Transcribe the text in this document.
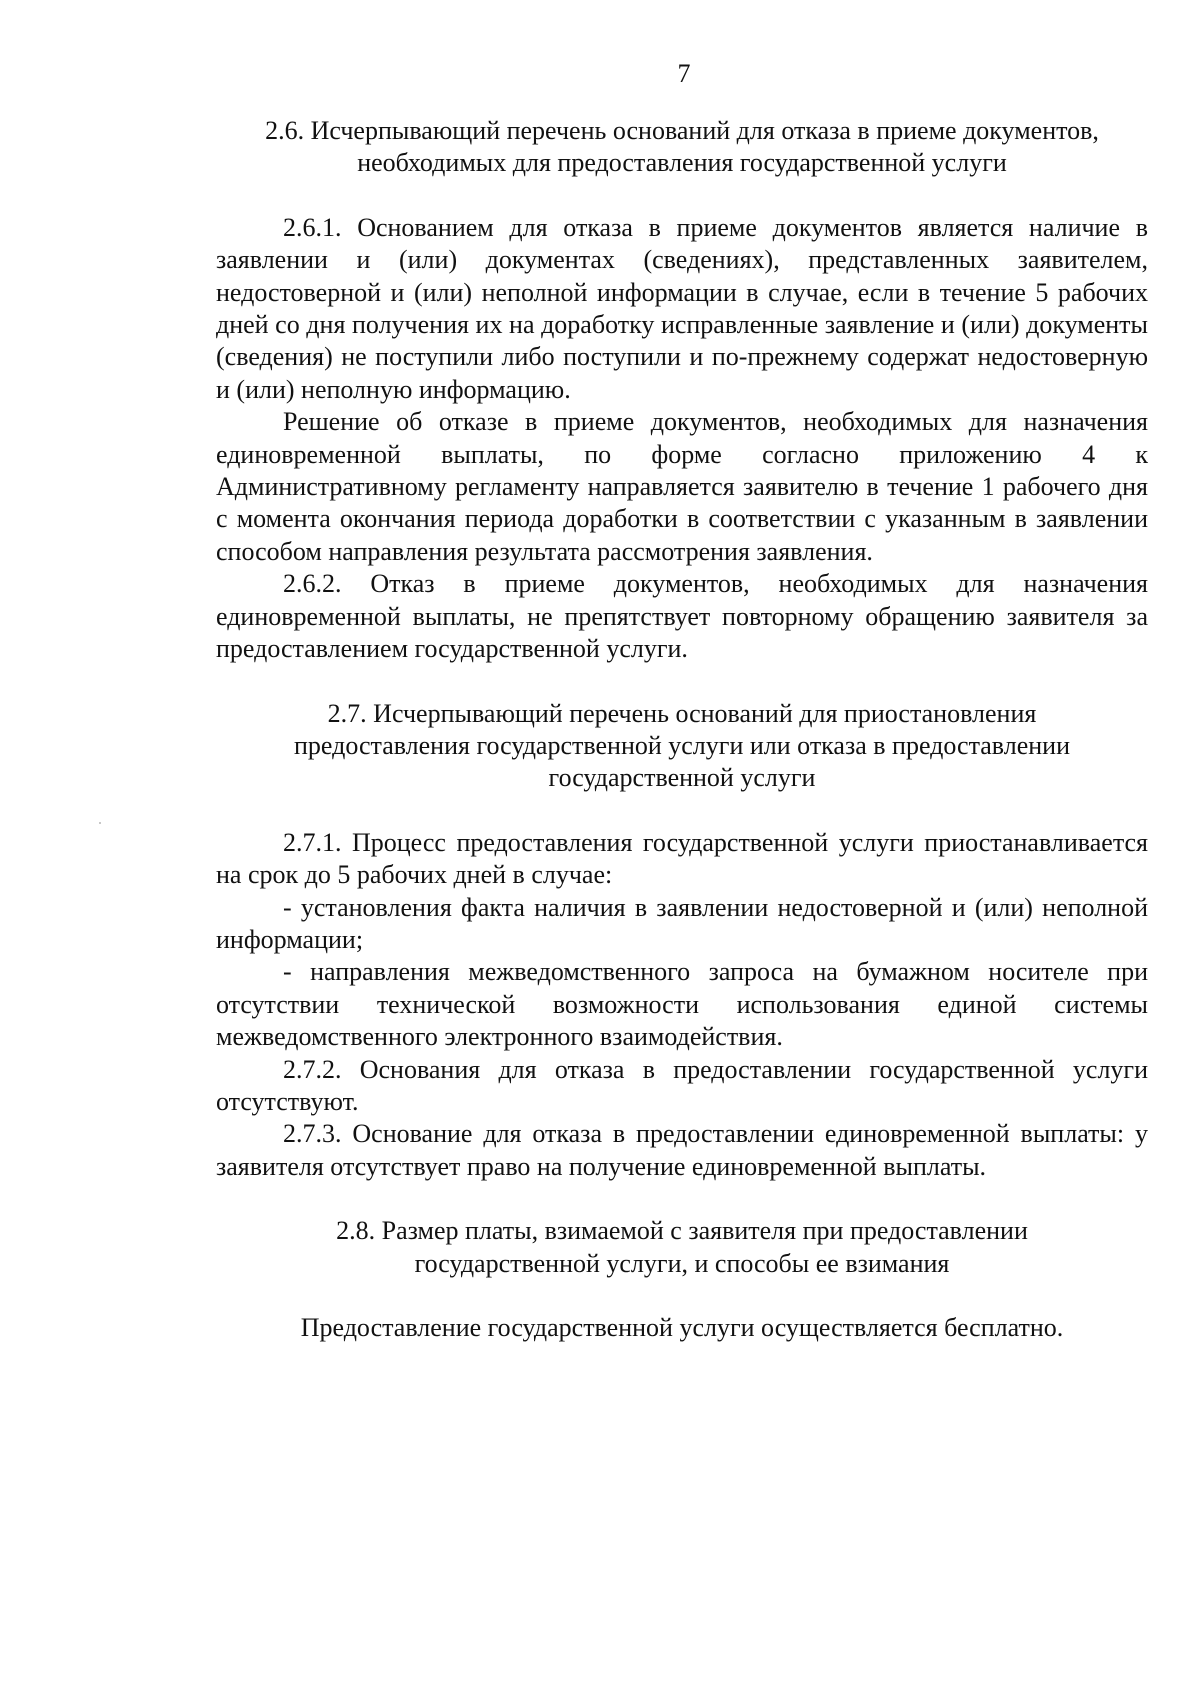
7
2.6. Исчерпывающий перечень оснований для отказа в приеме документов,
необходимых для предоставления государственной услуги

2.6.1. Основанием для отказа в приеме документов является наличие в заявлении и (или) документах (сведениях), представленных заявителем, недостоверной и (или) неполной информации в случае, если в течение 5 рабочих дней со дня получения их на доработку исправленные заявление и (или) документы (сведения) не поступили либо поступили и по-прежнему содержат недостоверную и (или) неполную информацию.

Решение об отказе в приеме документов, необходимых для назначения единовременной выплаты, по форме согласно приложению 4 к Административному регламенту направляется заявителю в течение 1 рабочего дня с момента окончания периода доработки в соответствии с указанным в заявлении способом направления результата рассмотрения заявления.

2.6.2. Отказ в приеме документов, необходимых для назначения единовременной выплаты, не препятствует повторному обращению заявителя за предоставлением государственной услуги.

2.7. Исчерпывающий перечень оснований для приостановления
предоставления государственной услуги или отказа в предоставлении
государственной услуги

2.7.1. Процесс предоставления государственной услуги приостанавливается на срок до 5 рабочих дней в случае:

- установления факта наличия в заявлении недостоверной и (или) неполной информации;

- направления межведомственного запроса на бумажном носителе при отсутствии технической возможности использования единой системы межведомственного электронного взаимодействия.

2.7.2. Основания для отказа в предоставлении государственной услуги отсутствуют.

2.7.3. Основание для отказа в предоставлении единовременной выплаты: у заявителя отсутствует право на получение единовременной выплаты.

2.8. Размер платы, взимаемой с заявителя при предоставлении
государственной услуги, и способы ее взимания

Предоставление государственной услуги осуществляется бесплатно.
